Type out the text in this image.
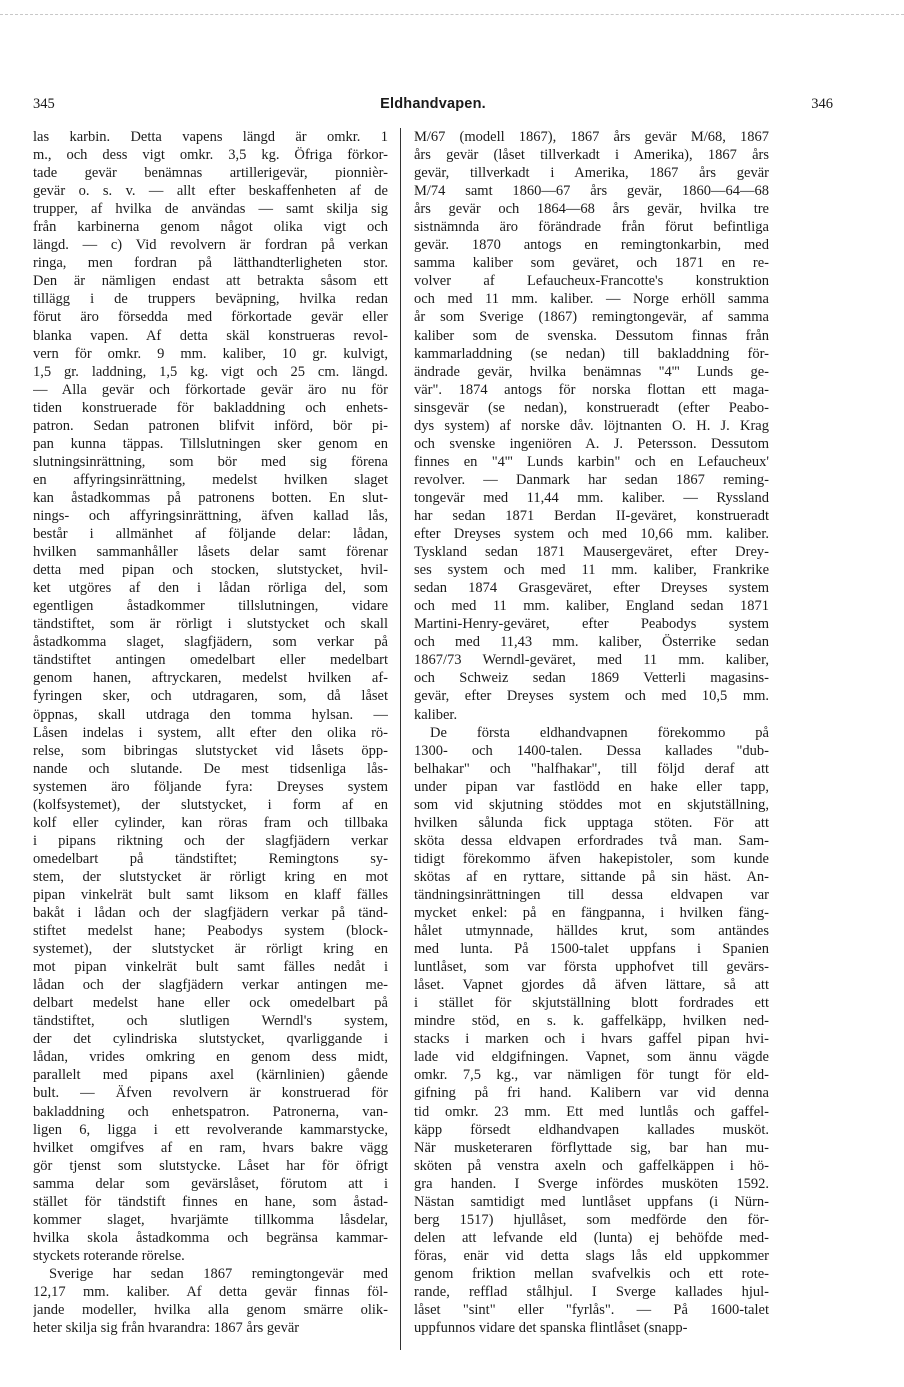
345	Eldhandvapen.	346
las karbin. Detta vapens längd är omkr. 1
m., och dess vigt omkr. 3,5 kg. Öfriga förkor-
tade gevär benämnas artillerigevär, pionnièr-
gevär o. s. v. — allt efter beskaffenheten af de
trupper, af hvilka de användas — samt skilja sig
från karbinerna genom något olika vigt och
längd. — c) Vid revolvern är fordran på verkan
ringa, men fordran på lätthandterligheten stor.
Den är nämligen endast att betrakta såsom ett
tillägg i de truppers beväpning, hvilka redan
förut äro försedda med förkortade gevär eller
blanka vapen. Af detta skäl konstrueras revol-
vern för omkr. 9 mm. kaliber, 10 gr. kulvigt,
1,5 gr. laddning, 1,5 kg. vigt och 25 cm. längd.
— Alla gevär och förkortade gevär äro nu för
tiden konstruerade för bakladdning och enhets-
patron. Sedan patronen blifvit införd, bör pi-
pan kunna täppas. Tillslutningen sker genom en
slutningsinrättning, som bör med sig förena
en affyringsinrättning, medelst hvilken slaget
kan åstadkommas på patronens botten. En slut-
nings- och affyringsinrättning, äfven kallad lås,
består i allmänhet af följande delar: lådan,
hvilken sammanhåller låsets delar samt förenar
detta med pipan och stocken, slutstycket, hvil-
ket utgöres af den i lådan rörliga del, som
egentligen åstadkommer tillslutningen, vidare
tändstiftet, som är rörligt i slutstycket och skall
åstadkomma slaget, slagfjädern, som verkar på
tändstiftet antingen omedelbart eller medelbart
genom hanen, aftryckaren, medelst hvilken af-
fyringen sker, och utdragaren, som, då låset
öppnas, skall utdraga den tomma hylsan. —
Låsen indelas i system, allt efter den olika rö-
relse, som bibringas slutstycket vid låsets öpp-
nande och slutande. De mest tidsenliga lås-
systemen äro följande fyra: Dreyses system
(kolfsystemet), der slutstycket, i form af en
kolf eller cylinder, kan röras fram och tillbaka
i pipans riktning och der slagfjädern verkar
omedelbart på tändstiftet; Remingtons sy-
stem, der slutstycket är rörligt kring en mot
pipan vinkelrät bult samt liksom en klaff fälles
bakåt i lådan och der slagfjädern verkar på tänd-
stiftet medelst hane; Peabodys system (block-
systemet), der slutstycket är rörligt kring en
mot pipan vinkelrät bult samt fälles nedåt i
lådan och der slagfjädern verkar antingen me-
delbart medelst hane eller ock omedelbart på
tändstiftet, och slutligen Werndl's system,
der det cylindriska slutstycket, qvarliggande i
lådan, vrides omkring en genom dess midt,
parallelt med pipans axel (kärnlinien) gående
bult. — Äfven revolvern är konstruerad för
bakladdning och enhetspatron. Patronerna, van-
ligen 6, ligga i ett revolverande kammarstycke,
hvilket omgifves af en ram, hvars bakre vägg
gör tjenst som slutstycke. Låset har för öfrigt
samma delar som gevärslåset, förutom att i
stället för tändstift finnes en hane, som åstad-
kommer slaget, hvarjämte tillkomma låsdelar,
hvilka skola åstadkomma och begränsa kammar-
styckets roterande rörelse.
Sverige har sedan 1867 remingtongevär med
12,17 mm. kaliber. Af detta gevär finnas föl-
jande modeller, hvilka alla genom smärre olik-
heter skilja sig från hvarandra: 1867 års gevär
M/67 (modell 1867), 1867 års gevär M/68, 1867
års gevär (låset tillverkadt i Amerika), 1867 års
gevär, tillverkadt i Amerika, 1867 års gevär
M/74 samt 1860—67 års gevär, 1860—64—68
års gevär och 1864—68 års gevär, hvilka tre
sistnämnda äro förändrade från förut befintliga
gevär. 1870 antogs en remingtonkarbin, med
samma kaliber som geväret, och 1871 en re-
volver af Lefaucheux-Francotte's konstruktion
och med 11 mm. kaliber. — Norge erhöll samma
år som Sverige (1867) remingtongevär, af samma
kaliber som de svenska. Dessutom finnas från
kammarladdning (se nedan) till bakladdning för-
ändrade gevär, hvilka benämnas "4''' Lunds ge-
vär". 1874 antogs för norska flottan ett maga-
sinsgevär (se nedan), konstrueradt (efter Peabo-
dys system) af norske dåv. löjtnanten O. H. J. Krag
och svenske ingeniören A. J. Petersson. Dessutom
finnes en "4''' Lunds karbin" och en Lefaucheux'
revolver. — Danmark har sedan 1867 reming-
tongevär med 11,44 mm. kaliber. — Ryssland
har sedan 1871 Berdan II-geväret, konstrueradt
efter Dreyses system och med 10,66 mm. kaliber.
Tyskland sedan 1871 Mausergeväret, efter Drey-
ses system och med 11 mm. kaliber, Frankrike
sedan 1874 Grasgeväret, efter Dreyses system
och med 11 mm. kaliber, England sedan 1871
Martini-Henry-geväret, efter Peabodys system
och med 11,43 mm. kaliber, Österrike sedan
1867/73 Werndl-geväret, med 11 mm. kaliber,
och Schweiz sedan 1869 Vetterli magasins-
gevär, efter Dreyses system och med 10,5 mm.
kaliber.
De första eldhandvapnen förekommo på
1300- och 1400-talen. Dessa kallades "dub-
belhakar" och "halfhakar", till följd deraf att
under pipan var fastlödd en hake eller tapp,
som vid skjutning stöddes mot en skjutställning,
hvilken sålunda fick upptaga stöten. För att
sköta dessa eldvapen erfordrades två man. Sam-
tidigt förekommo äfven hakepistoler, som kunde
skötas af en ryttare, sittande på sin häst. An-
tändningsinrättningen till dessa eldvapen var
mycket enkel: på en fängpanna, i hvilken fäng-
hålet utmynnade, hälldes krut, som antändes
med lunta. På 1500-talet uppfans i Spanien
luntlåset, som var första upphofvet till gevärs-
låset. Vapnet gjordes då äfven lättare, så att
i stället för skjutställning blott fordrades ett
mindre stöd, en s. k. gaffelkäpp, hvilken ned-
stacks i marken och i hvars gaffel pipan hvi-
lade vid eldgifningen. Vapnet, som ännu vägde
omkr. 7,5 kg., var nämligen för tungt för eld-
gifning på fri hand. Kalibern var vid denna
tid omkr. 23 mm. Ett med luntlås och gaffel-
käpp försedt eldhandvapen kallades musköt.
När musketeraren förflyttade sig, bar han mu-
sköten på venstra axeln och gaffelkäppen i hö-
gra handen. I Sverge infördes musköten 1592.
Nästan samtidigt med luntlåset uppfans (i Nürn-
berg 1517) hjullåset, som medförde den för-
delen att lefvande eld (lunta) ej behöfde med-
föras, enär vid detta slags lås eld uppkommer
genom friktion mellan svafvelkis och ett rote-
rande, refflad stålhjul. I Sverge kallades hjul-
låset "sint" eller "fyrlås". — På 1600-talet
uppfunnos vidare det spanska flintlåset (snapp-
